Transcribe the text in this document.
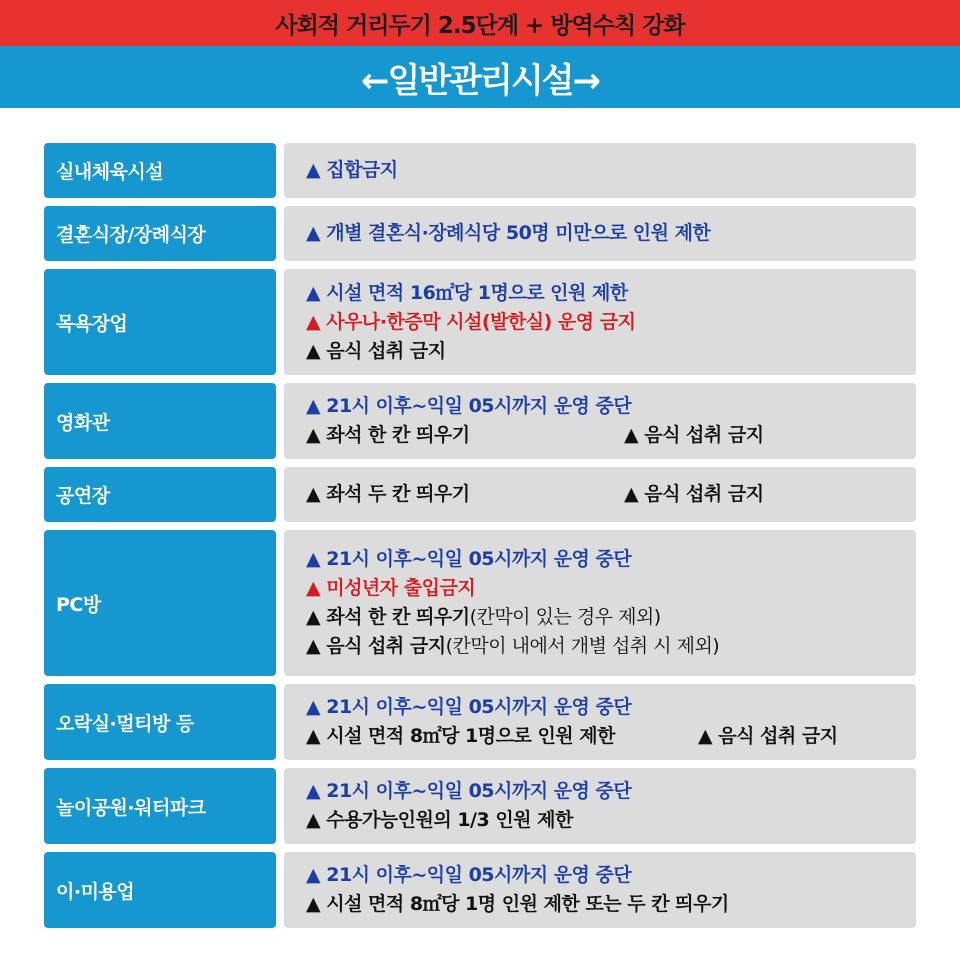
사회적 거리두기 2.5단계 + 방역수칙 강화
←일반관리시설→
실내체육시설	▲ 집합금지
결혼식장/장례식장	▲ 개별 결혼식·장례식당 50명 미만으로 인원 제한
목욕장업
▲ 시설 면적 16㎡당 1명으로 인원 제한
▲ 사우나·한증막 시설(발한실) 운영 금지
▲ 음식 섭취 금지
영화관
▲ 21시 이후~익일 05시까지 운영 중단
▲ 좌석 한 칸 띄우기	▲ 음식 섭취 금지
공연장	▲ 좌석 두 칸 띄우기	▲ 음식 섭취 금지
PC방
▲ 21시 이후~익일 05시까지 운영 중단
▲ 미성년자 출입금지
▲ 좌석 한 칸 띄우기 (칸막이 있는 경우 제외)
▲ 음식 섭취 금지 (칸막이 내에서 개별 섭취 시 제외)
오락실·멀티방 등
▲ 21시 이후~익일 05시까지 운영 중단
▲ 시설 면적 8㎡당 1명으로 인원 제한	▲ 음식 섭취 금지
놀이공원·워터파크
▲ 21시 이후~익일 05시까지 운영 중단
▲ 수용가능인원의 1/3 인원 제한
이·미용업
▲ 21시 이후~익일 05시까지 운영 중단
▲ 시설 면적 8㎡당 1명 인원 제한 또는 두 칸 띄우기
